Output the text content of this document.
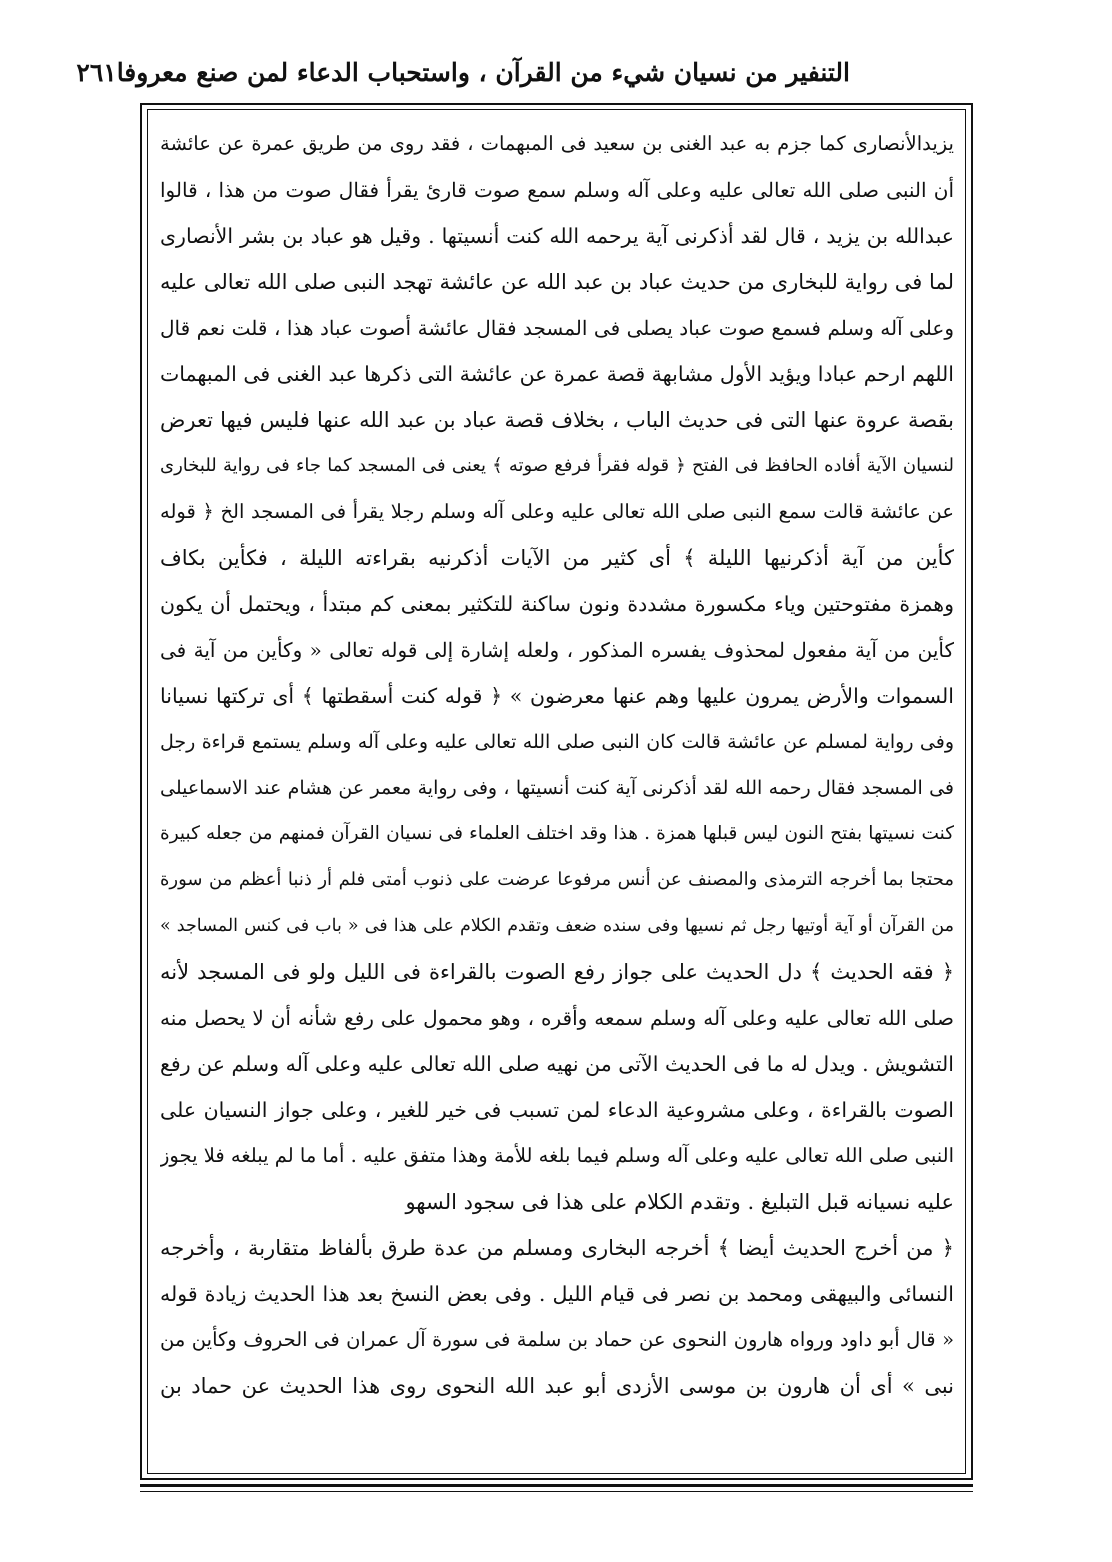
التنفير من نسيان شيء من القرآن ، واستحباب الدعاء لمن صنع معروفا
٢٦١
يزيدالأنصارى كما جزم به عبد الغنى بن سعيد فى المبهمات ، فقد روى من طريق عمرة عن عائشة
أن النبى صلى الله تعالى عليه وعلى آله وسلم سمع صوت قارئ يقرأ فقال صوت من هذا ، قالوا
عبدالله بن يزيد ، قال لقد أذكرنى آية يرحمه الله كنت أنسيتها . وقيل هو عباد بن بشر الأنصارى
لما فى رواية للبخارى من حديث عباد بن عبد الله عن عائشة تهجد النبى صلى الله تعالى عليه
وعلى آله وسلم فسمع صوت عباد يصلى فى المسجد فقال عائشة أصوت عباد هذا ، قلت نعم قال
اللهم ارحم عبادا ويؤيد الأول مشابهة قصة عمرة عن عائشة التى ذكرها عبد الغنى فى المبهمات
بقصة عروة عنها التى فى حديث الباب ، بخلاف قصة عباد بن عبد الله عنها فليس فيها تعرض
لنسيان الآية أفاده الحافظ فى الفتح ﴿ قوله فقرأ فرفع صوته ﴾ يعنى فى المسجد كما جاء فى رواية للبخارى
عن عائشة قالت سمع النبى صلى الله تعالى عليه وعلى آله وسلم رجلا يقرأ فى المسجد الخ ﴿ قوله
كأين من آية أذكرنيها الليلة ﴾ أى كثير من الآيات أذكرنيه بقراءته الليلة ، فكأين بكاف
وهمزة مفتوحتين وياء مكسورة مشددة ونون ساكنة للتكثير بمعنى كم مبتدأ ، ويحتمل أن يكون
كأين من آية مفعول لمحذوف يفسره المذكور ، ولعله إشارة إلى قوله تعالى « وكأين من آية فى
السموات والأرض يمرون عليها وهم عنها معرضون » ﴿ قوله كنت أسقطتها ﴾ أى تركتها نسيانا
وفى رواية لمسلم عن عائشة قالت كان النبى صلى الله تعالى عليه وعلى آله وسلم يستمع قراءة رجل
فى المسجد فقال رحمه الله لقد أذكرنى آية كنت أنسيتها ، وفى رواية معمر عن هشام عند الاسماعيلى
كنت نسيتها بفتح النون ليس قبلها همزة . هذا وقد اختلف العلماء فى نسيان القرآن فمنهم من جعله كبيرة
محتجا بما أخرجه الترمذى والمصنف عن أنس مرفوعا عرضت على ذنوب أمتى فلم أر ذنبا أعظم من سورة
من القرآن أو آية أوتيها رجل ثم نسيها وفى سنده ضعف وتقدم الكلام على هذا فى « باب فى كنس المساجد »
﴿ فقه الحديث ﴾ دل الحديث على جواز رفع الصوت بالقراءة فى الليل ولو فى المسجد لأنه
صلى الله تعالى عليه وعلى آله وسلم سمعه وأقره ، وهو محمول على رفع شأنه أن لا يحصل منه
التشويش . ويدل له ما فى الحديث الآتى من نهيه صلى الله تعالى عليه وعلى آله وسلم عن رفع
الصوت بالقراءة ، وعلى مشروعية الدعاء لمن تسبب فى خير للغير ، وعلى جواز النسيان على
النبى صلى الله تعالى عليه وعلى آله وسلم فيما بلغه للأمة وهذا متفق عليه . أما ما لم يبلغه فلا يجوز
عليه نسيانه قبل التبليغ . وتقدم الكلام على هذا فى سجود السهو
﴿ من أخرج الحديث أيضا ﴾ أخرجه البخارى ومسلم من عدة طرق بألفاظ متقاربة ، وأخرجه
النسائى والبيهقى ومحمد بن نصر فى قيام الليل . وفى بعض النسخ بعد هذا الحديث زيادة قوله
« قال أبو داود ورواه هارون النحوى عن حماد بن سلمة فى سورة آل عمران فى الحروف وكأين من
نبى » أى أن هارون بن موسى الأزدى أبو عبد الله النحوى روى هذا الحديث عن حماد بن
